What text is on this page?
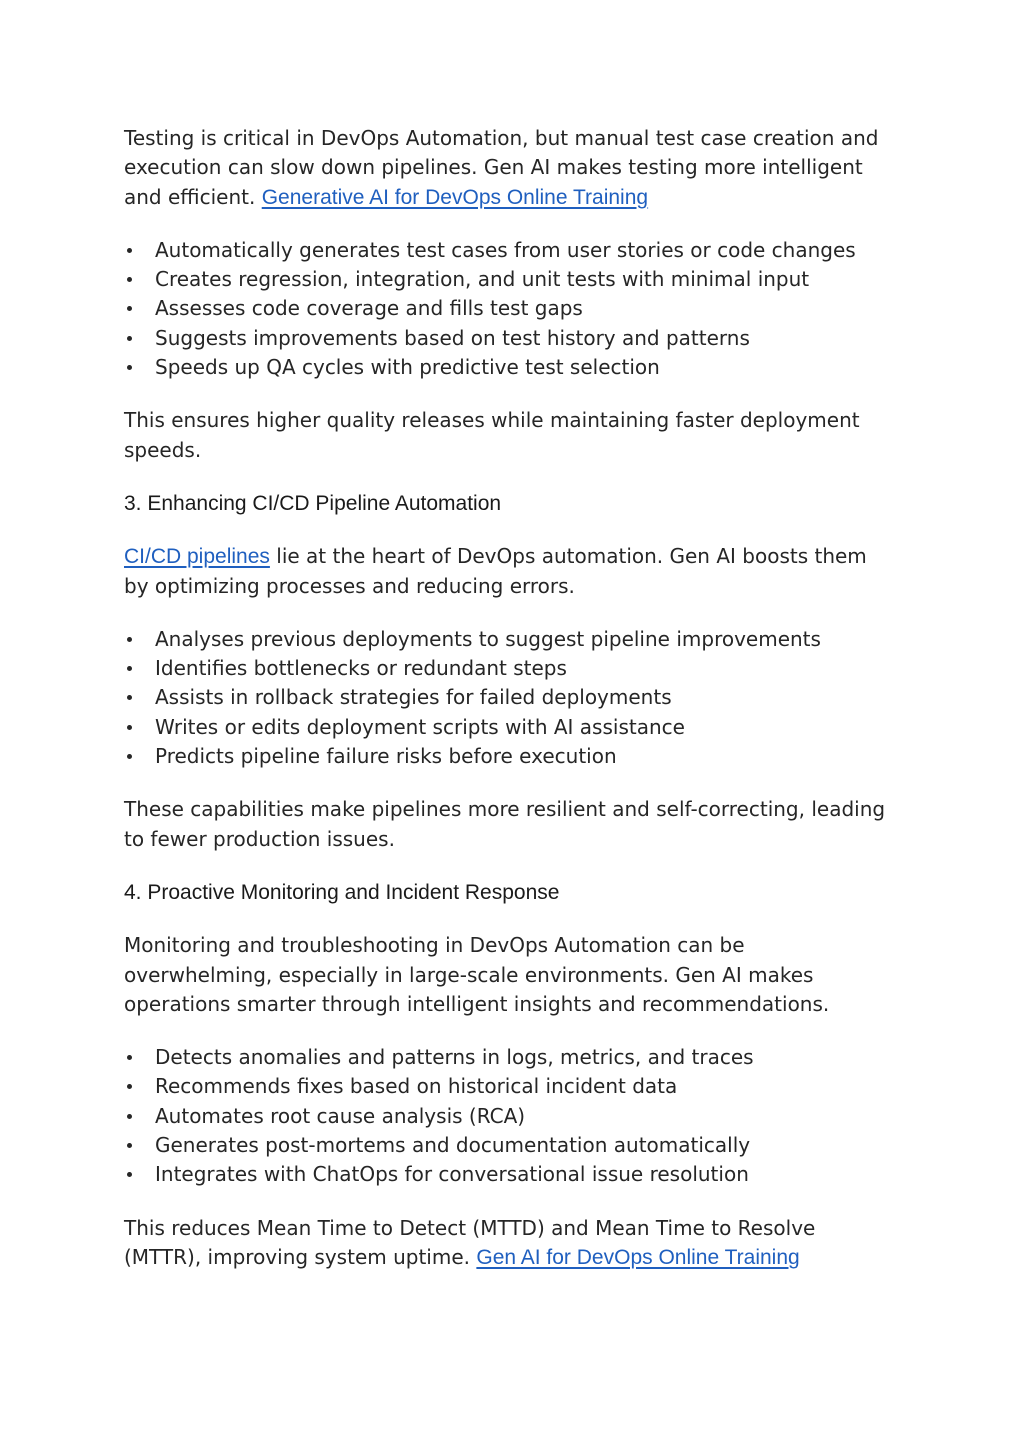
Testing is critical in DevOps Automation, but manual test case creation and execution can slow down pipelines. Gen AI makes testing more intelligent and efficient. Generative AI for DevOps Online Training

Automatically generates test cases from user stories or code changes
Creates regression, integration, and unit tests with minimal input
Assesses code coverage and fills test gaps
Suggests improvements based on test history and patterns
Speeds up QA cycles with predictive test selection

This ensures higher quality releases while maintaining faster deployment speeds.

3. Enhancing CI/CD Pipeline Automation

CI/CD pipelines lie at the heart of DevOps automation. Gen AI boosts them by optimizing processes and reducing errors.

Analyses previous deployments to suggest pipeline improvements
Identifies bottlenecks or redundant steps
Assists in rollback strategies for failed deployments
Writes or edits deployment scripts with AI assistance
Predicts pipeline failure risks before execution

These capabilities make pipelines more resilient and self-correcting, leading to fewer production issues.

4. Proactive Monitoring and Incident Response

Monitoring and troubleshooting in DevOps Automation can be overwhelming, especially in large-scale environments. Gen AI makes operations smarter through intelligent insights and recommendations.

Detects anomalies and patterns in logs, metrics, and traces
Recommends fixes based on historical incident data
Automates root cause analysis (RCA)
Generates post-mortems and documentation automatically
Integrates with ChatOps for conversational issue resolution

This reduces Mean Time to Detect (MTTD) and Mean Time to Resolve (MTTR), improving system uptime. Gen AI for DevOps Online Training
